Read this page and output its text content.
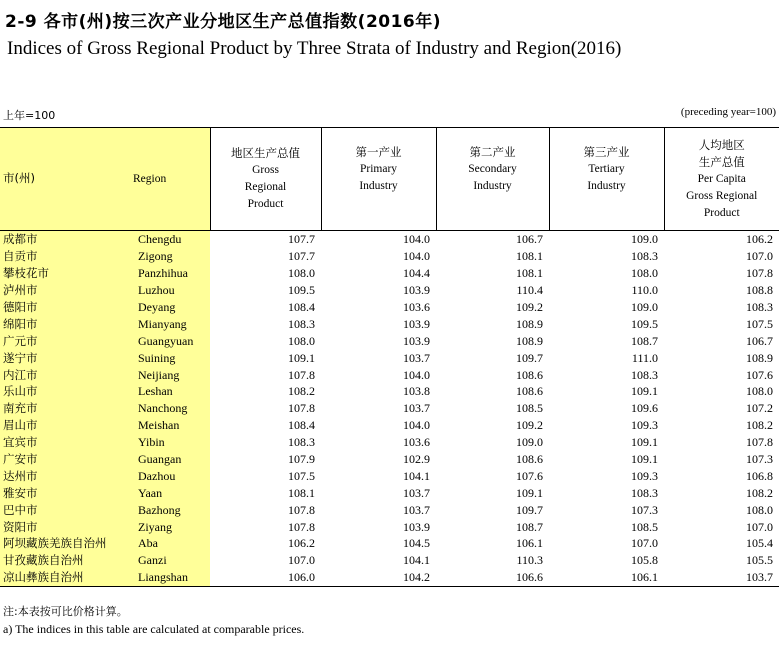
2-9 各市(州)按三次产业分地区生产总值指数(2016年)
Indices of Gross Regional Product by Three Strata of Industry and Region(2016)
上年=100	(preceding year=100)
市(州)	Region	地区生产总值
Gross
Regional
Product	第一产业
Primary
Industry	第二产业
Secondary
Industry	第三产业
Tertiary
Industry	人均地区
生产总值
Per Capita
Gross Regional
Product

成都市	Chengdu	107.7	104.0	106.7	109.0	106.2
自贡市	Zigong	107.7	104.0	108.1	108.3	107.0
攀枝花市	Panzhihua	108.0	104.4	108.1	108.0	107.8
泸州市	Luzhou	109.5	103.9	110.4	110.0	108.8
德阳市	Deyang	108.4	103.6	109.2	109.0	108.3
绵阳市	Mianyang	108.3	103.9	108.9	109.5	107.5
广元市	Guangyuan	108.0	103.9	108.9	108.7	106.7
遂宁市	Suining	109.1	103.7	109.7	111.0	108.9
内江市	Neijiang	107.8	104.0	108.6	108.3	107.6
乐山市	Leshan	108.2	103.8	108.6	109.1	108.0
南充市	Nanchong	107.8	103.7	108.5	109.6	107.2
眉山市	Meishan	108.4	104.0	109.2	109.3	108.2
宜宾市	Yibin	108.3	103.6	109.0	109.1	107.8
广安市	Guangan	107.9	102.9	108.6	109.1	107.3
达州市	Dazhou	107.5	104.1	107.6	109.3	106.8
雅安市	Yaan	108.1	103.7	109.1	108.3	108.2
巴中市	Bazhong	107.8	103.7	109.7	107.3	108.0
资阳市	Ziyang	107.8	103.9	108.7	108.5	107.0
阿坝藏族羌族自治州	Aba	106.2	104.5	106.1	107.0	105.4
甘孜藏族自治州	Ganzi	107.0	104.1	110.3	105.8	105.5
凉山彝族自治州	Liangshan	106.0	104.2	106.6	106.1	103.7
注:本表按可比价格计算。
a) The indices in this table are calculated at comparable prices.
